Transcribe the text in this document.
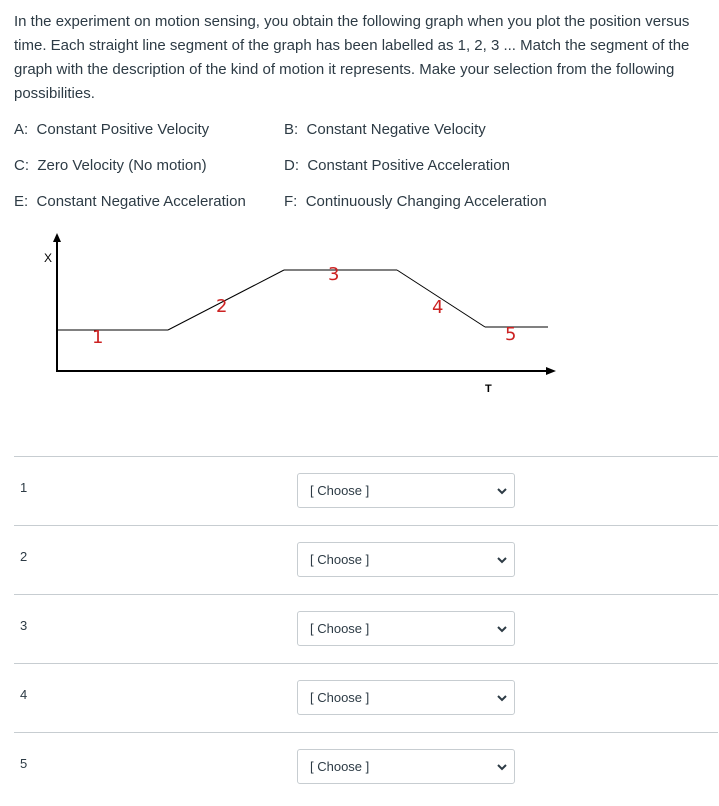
In the experiment on motion sensing, you obtain the following graph when you plot the position versus time. Each straight line segment of the graph has been labelled as 1, 2, 3 ... Match the segment of the graph with the description of the kind of motion it represents. Make your selection from the following possibilities.

A: Constant Positive Velocity	B: Constant Negative Velocity
C: Zero Velocity (No motion)	D: Constant Positive Acceleration
E: Constant Negative Acceleration	F: Continuously Changing Acceleration
X
T
1
2
3
4
5
1	[ Choose ]
2	[ Choose ]
3	[ Choose ]
4	[ Choose ]
5	[ Choose ]
